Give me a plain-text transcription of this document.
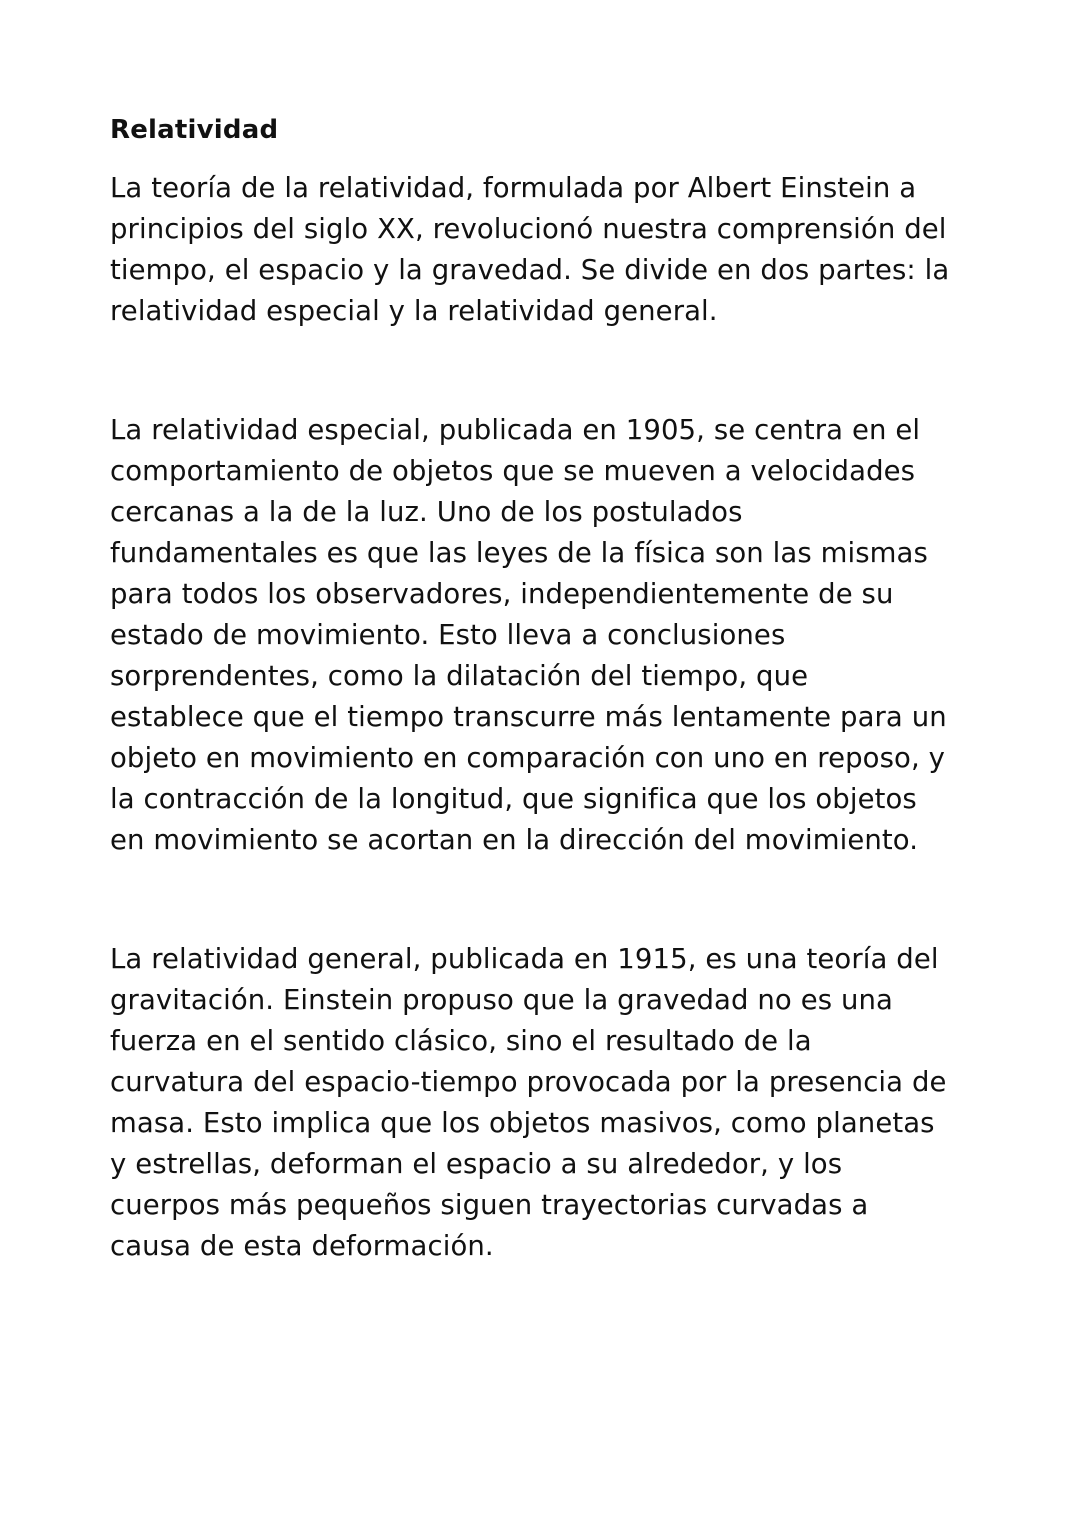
Relatividad

La teoría de la relatividad, formulada por Albert Einstein a principios del siglo XX, revolucionó nuestra comprensión del tiempo, el espacio y la gravedad. Se divide en dos partes: la relatividad especial y la relatividad general.

La relatividad especial, publicada en 1905, se centra en el comportamiento de objetos que se mueven a velocidades cercanas a la de la luz. Uno de los postulados fundamentales es que las leyes de la física son las mismas para todos los observadores, independientemente de su estado de movimiento. Esto lleva a conclusiones sorprendentes, como la dilatación del tiempo, que establece que el tiempo transcurre más lentamente para un objeto en movimiento en comparación con uno en reposo, y la contracción de la longitud, que significa que los objetos en movimiento se acortan en la dirección del movimiento.

La relatividad general, publicada en 1915, es una teoría del gravitación. Einstein propuso que la gravedad no es una fuerza en el sentido clásico, sino el resultado de la curvatura del espacio-tiempo provocada por la presencia de masa. Esto implica que los objetos masivos, como planetas y estrellas, deforman el espacio a su alrededor, y los cuerpos más pequeños siguen trayectorias curvadas a causa de esta deformación.
